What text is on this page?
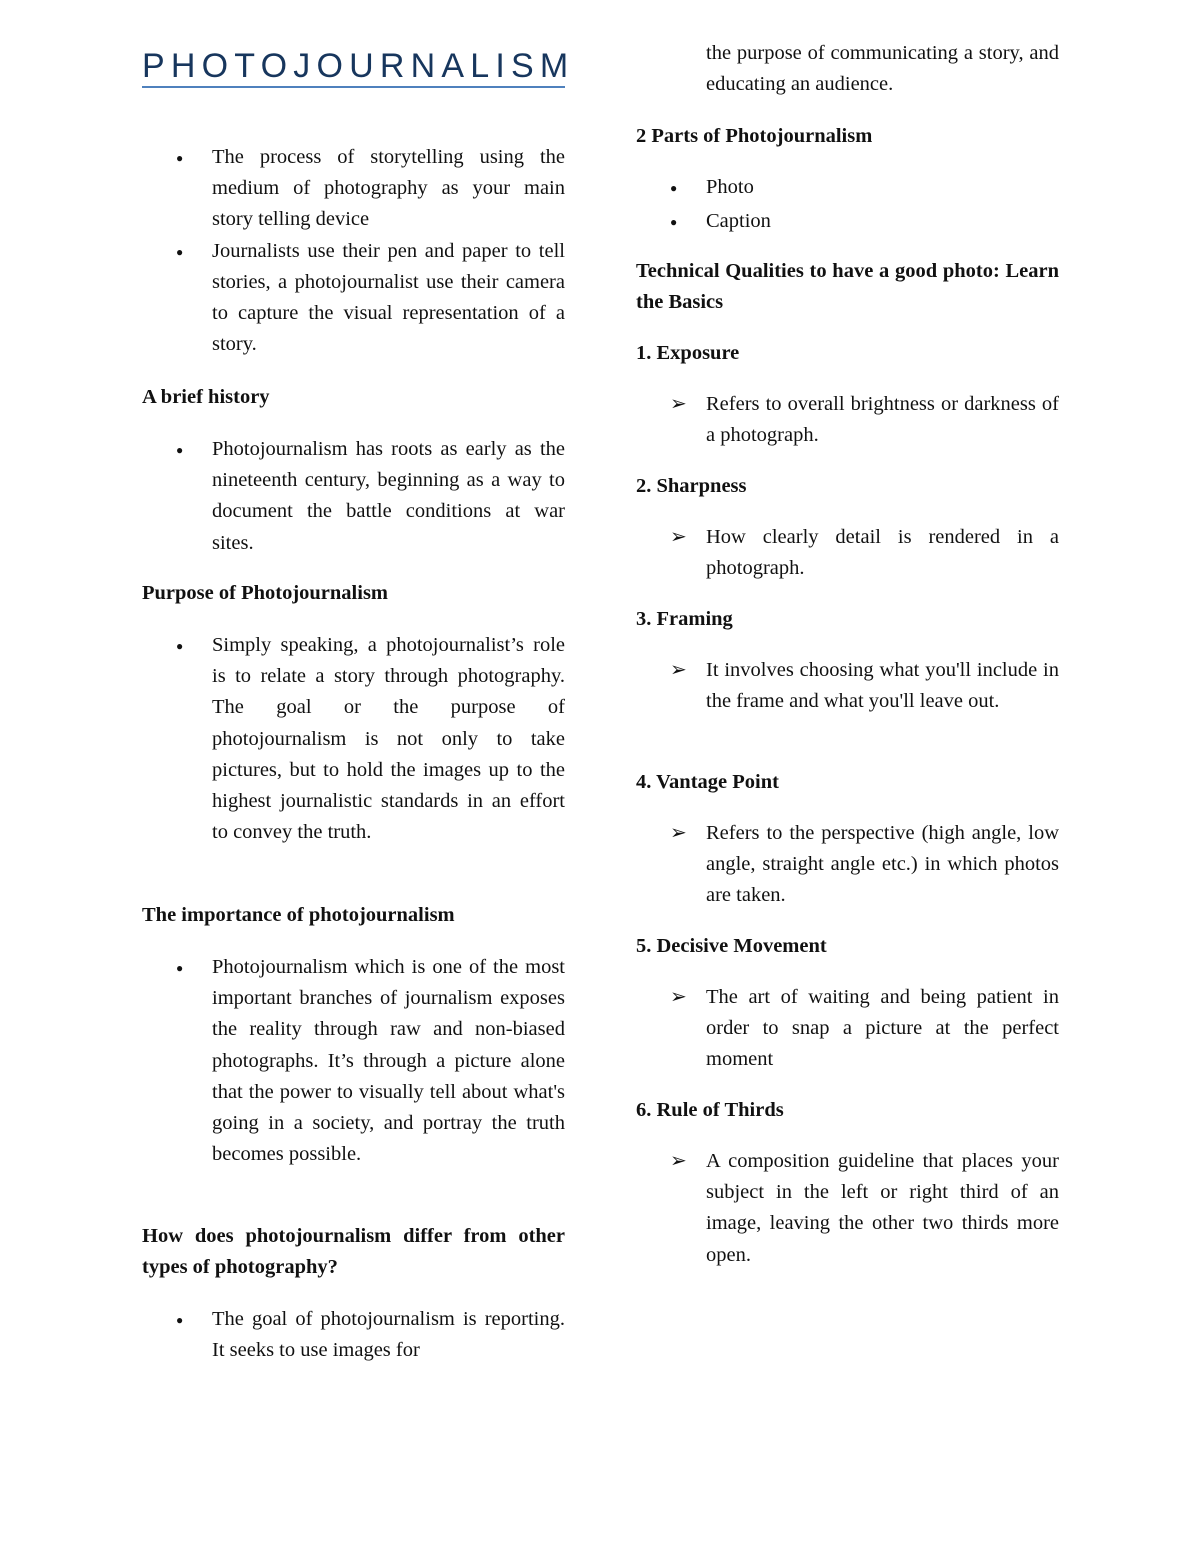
PHOTOJOURNALISM
●
The process of storytelling using the medium of photography as your main story telling device
●
Journalists use their pen and paper to tell stories, a photojournalist use their camera to capture the visual representation of a story.
A brief history
●
Photojournalism has roots as early as the nineteenth century, beginning as a way to document the battle conditions at war sites.
Purpose of Photojournalism
●
Simply speaking, a photojournalist’s role is to relate a story through photography. The goal or the purpose of photojournalism is not only to take pictures, but to hold the images up to the highest journalistic standards in an effort to convey the truth.
The importance of photojournalism
●
Photojournalism which is one of the most important branches of journalism exposes the reality through raw and non-biased photographs. It’s through a picture alone that the power to visually tell about what's going in a society, and portray the truth becomes possible.
How does photojournalism differ from other types of photography?
●
The goal of photojournalism is reporting. It seeks to use images for
the purpose of communicating a story, and educating an audience.
2 Parts of Photojournalism
●
Photo
●
Caption
Technical Qualities to have a good photo: Learn the Basics
1. Exposure
➢
Refers to overall brightness or darkness of a photograph.
2. Sharpness
➢
How clearly detail is rendered in a photograph.
3. Framing
➢
It involves choosing what you'll include in the frame and what you'll leave out.
4. Vantage Point
➢
Refers to the perspective (high angle, low angle, straight angle etc.) in which photos are taken.
5. Decisive Movement
➢
The art of waiting and being patient in order to snap a picture at the perfect moment
6. Rule of Thirds
➢
A composition guideline that places your subject in the left or right third of an image, leaving the other two thirds more open.
